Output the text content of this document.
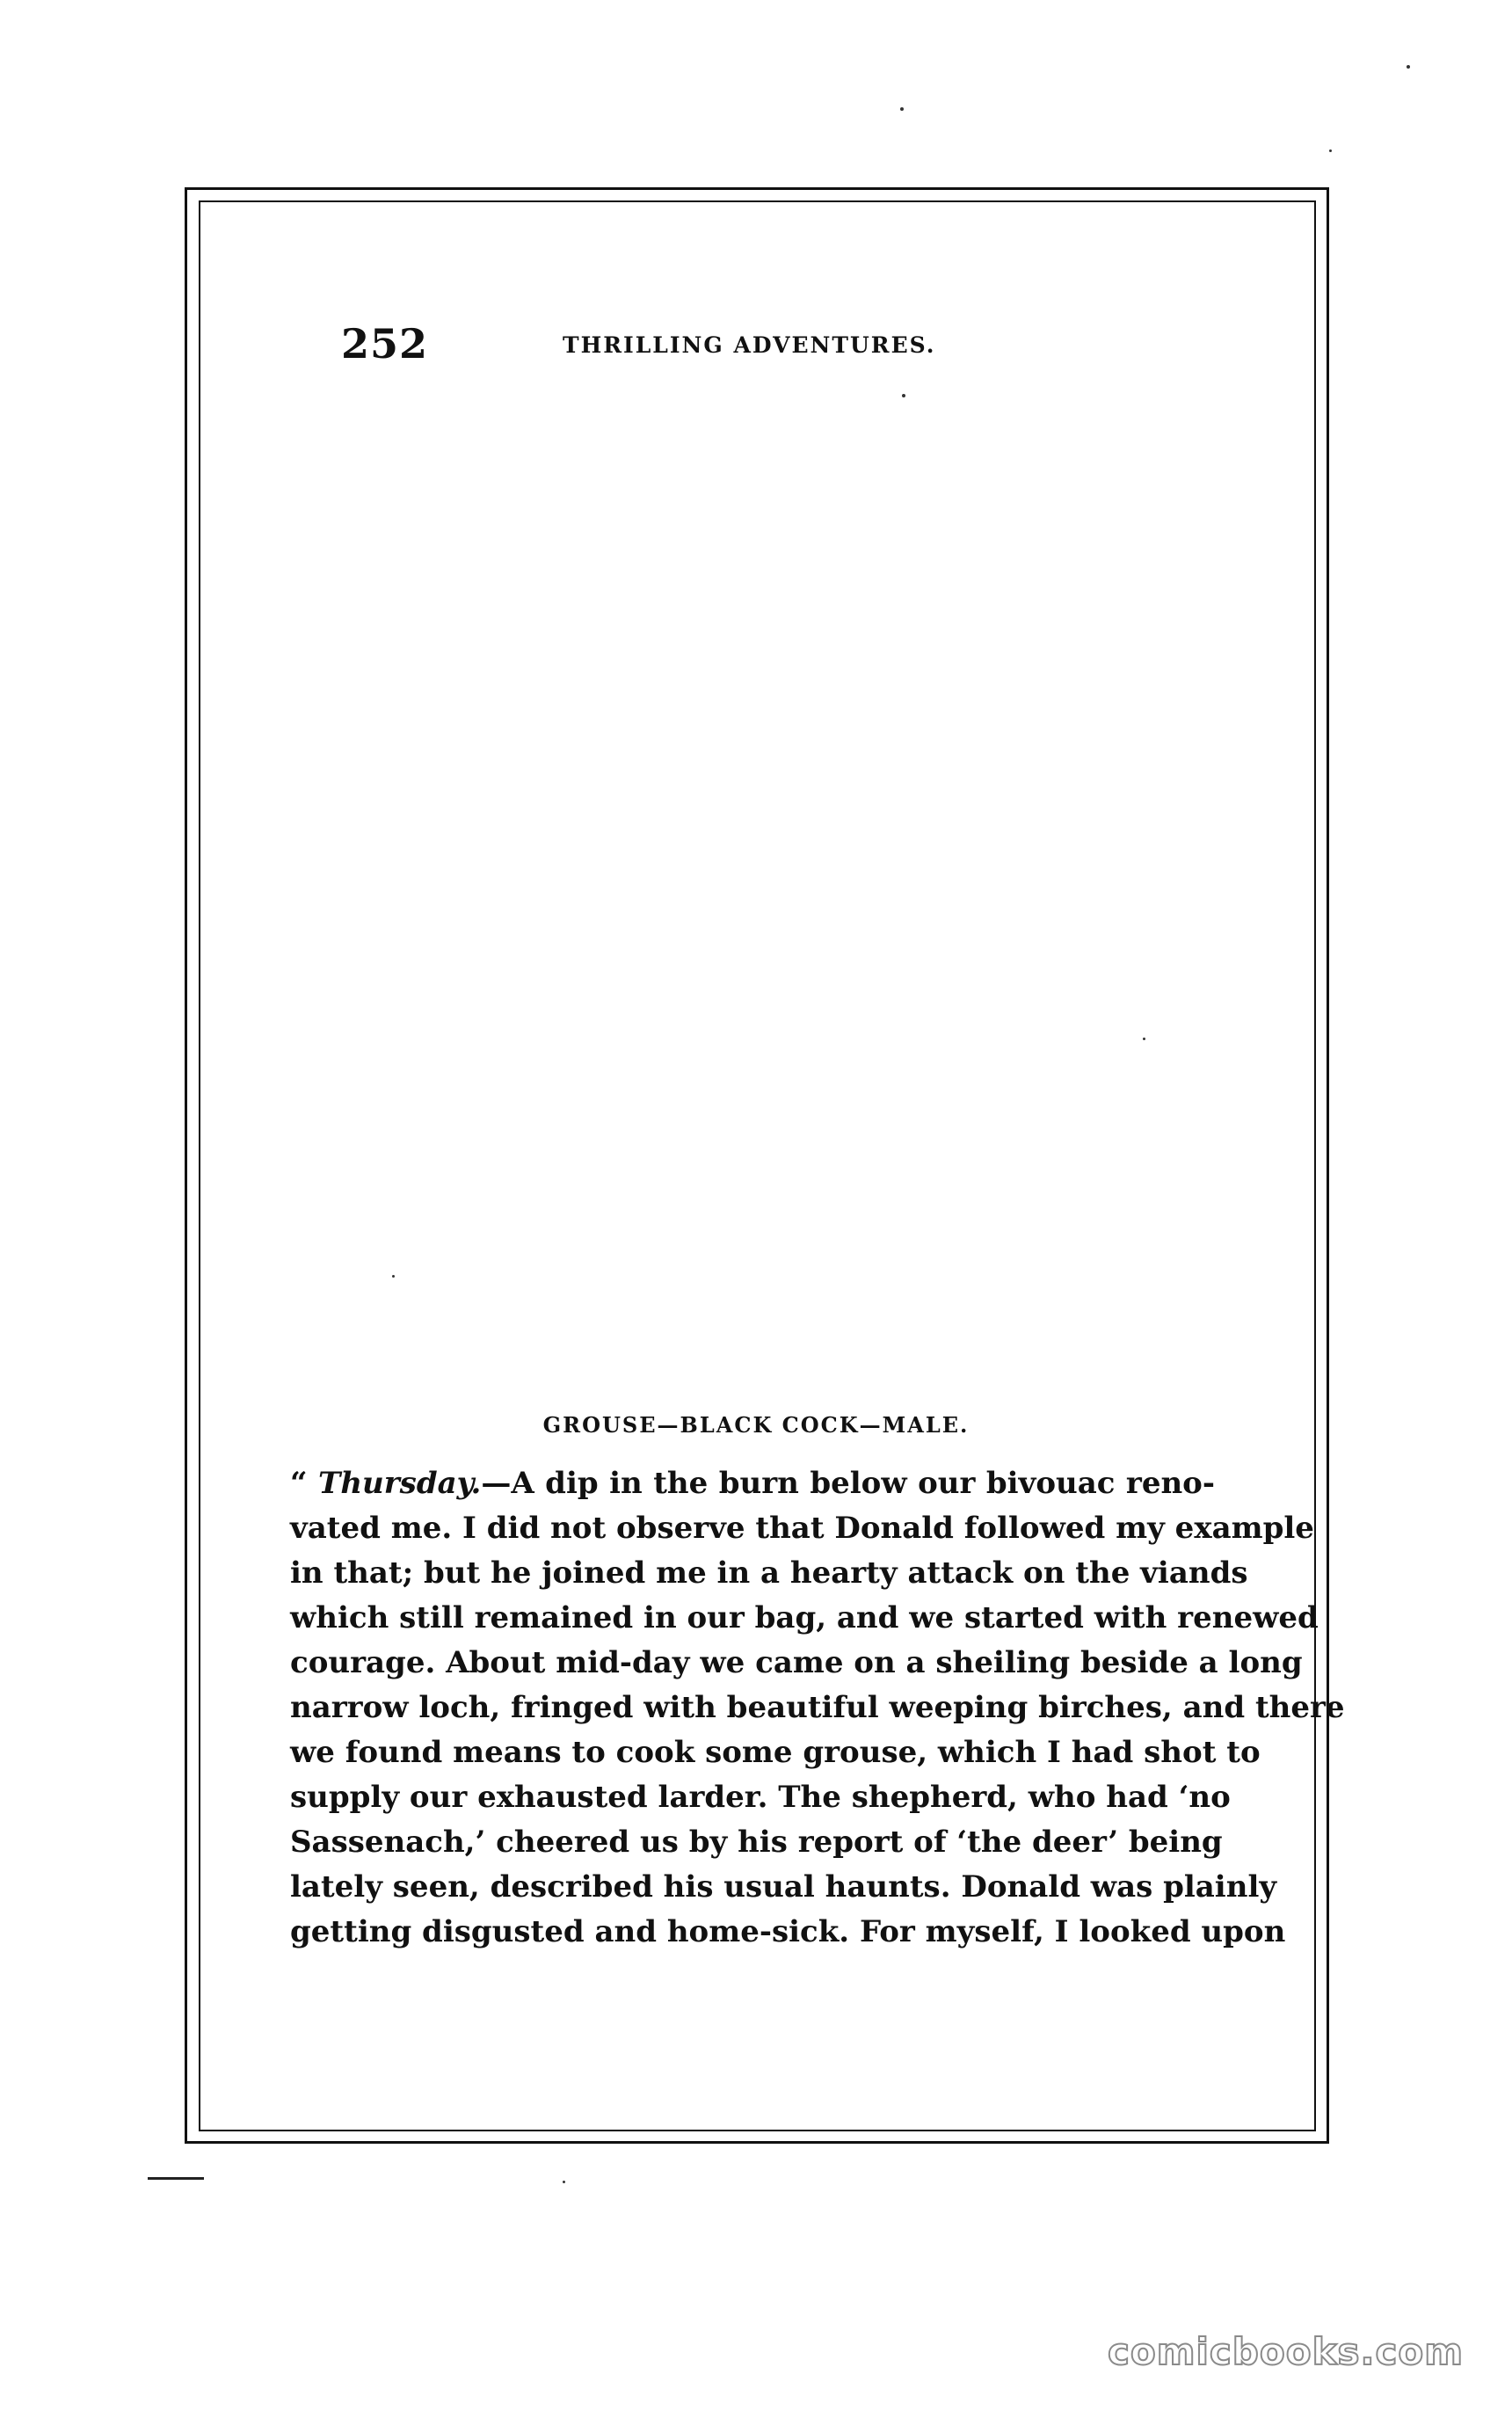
252	THRILLING ADVENTURES.
GROUSE—BLACK COCK—MALE.
“ Thursday.—A dip in the burn below our bivouac reno-
vated me. I did not observe that Donald followed my example
in that; but he joined me in a hearty attack on the viands
which still remained in our bag, and we started with renewed
courage. About mid-day we came on a sheiling beside a long
narrow loch, fringed with beautiful weeping birches, and there
we found means to cook some grouse, which I had shot to
supply our exhausted larder. The shepherd, who had ‘no
Sassenach,’ cheered us by his report of ‘the deer’ being
lately seen, described his usual haunts. Donald was plainly
getting disgusted and home-sick. For myself, I looked upon
comicbooks.com
